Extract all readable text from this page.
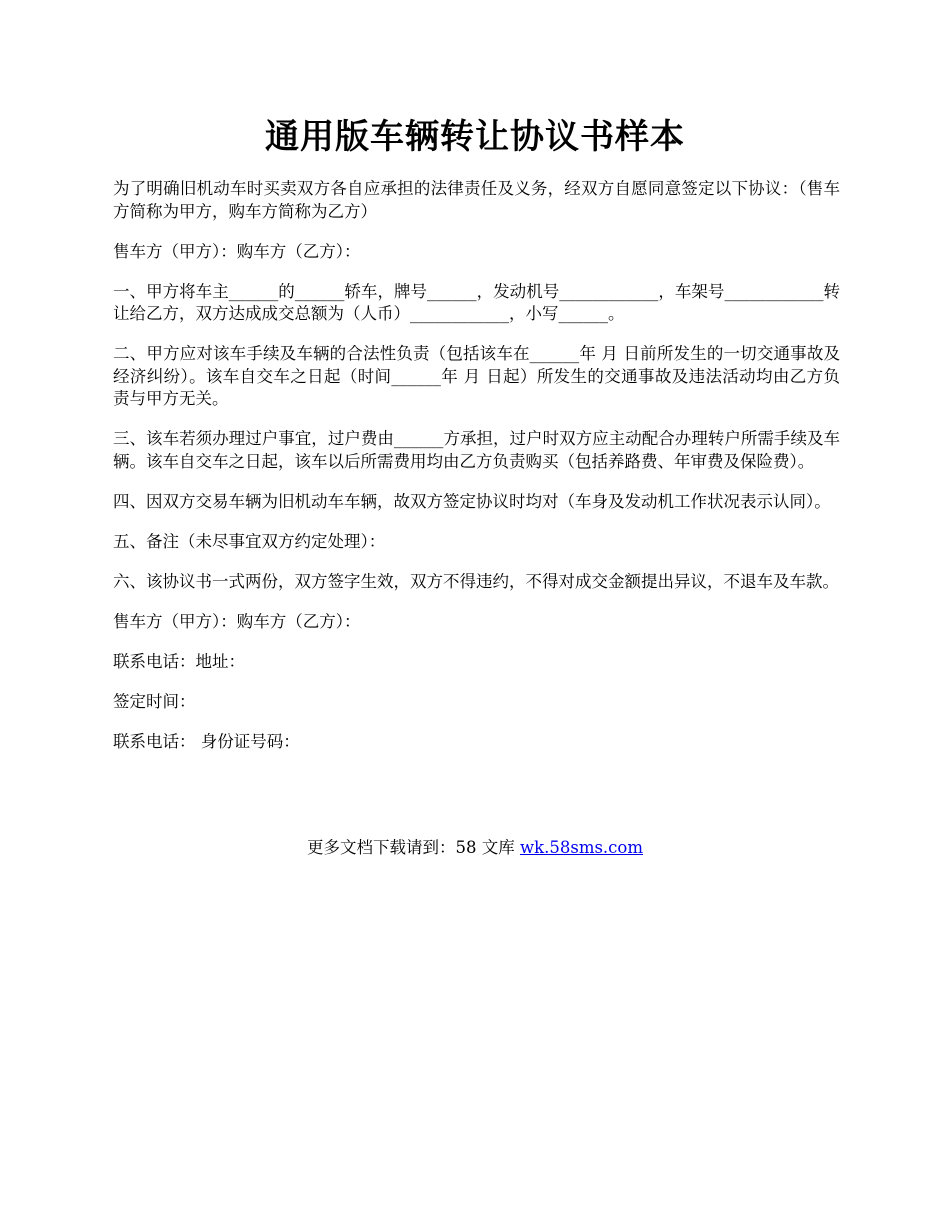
通用版车辆转让协议书样本

为了明确旧机动车时买卖双方各自应承担的法律责任及义务，经双方自愿同意签定以下协议：（售车方简称为甲方，购车方简称为乙方）

售车方（甲方）：购车方（乙方）：

一、甲方将车主______的______轿车，牌号______，发动机号____________，车架号____________转让给乙方，双方达成成交总额为（人币）____________，小写______。

二、甲方应对该车手续及车辆的合法性负责（包括该车在______年 月 日前所发生的一切交通事故及经济纠纷）。该车自交车之日起（时间______年 月 日起）所发生的交通事故及违法活动均由乙方负责与甲方无关。

三、该车若须办理过户事宜，过户费由______方承担，过户时双方应主动配合办理转户所需手续及车辆。该车自交车之日起，该车以后所需费用均由乙方负责购买（包括养路费、年审费及保险费）。

四、因双方交易车辆为旧机动车车辆，故双方签定协议时均对（车身及发动机工作状况表示认同）。

五、备注（未尽事宜双方约定处理）：

六、该协议书一式两份，双方签字生效，双方不得违约，不得对成交金额提出异议，不退车及车款。

售车方（甲方）：购车方（乙方）：

联系电话：地址：

签定时间：

联系电话： 身份证号码：

更多文档下载请到：58 文库 wk.58sms.com
